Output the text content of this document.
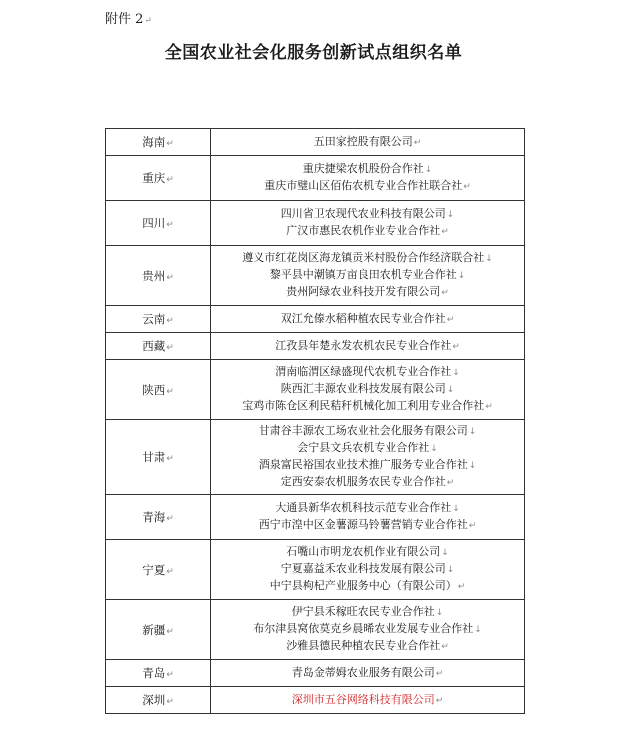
附件 2↵
全国农业社会化服务创新试点组织名单
海南↵	五田家控股有限公司↵

重庆↵	重庆捷梁农机股份合作社↓
重庆市璧山区佰佑农机专业合作社联合社↵

四川↵	四川省卫农现代农业科技有限公司↓
广汉市惠民农机作业专业合作社↵

贵州↵	遵义市红花岗区海龙镇贡米村股份合作经济联合社↓
黎平县中潮镇万亩良田农机专业合作社↓
贵州阿绿农业科技开发有限公司↵

云南↵	双江允傣水稻种植农民专业合作社↵

西藏↵	江孜县年楚永发农机农民专业合作社↵

陕西↵	渭南临渭区绿盛现代农机专业合作社↓
陕西汇丰源农业科技发展有限公司↓
宝鸡市陈仓区利民秸秆机械化加工利用专业合作社↵

甘肃↵	甘肃谷丰源农工场农业社会化服务有限公司↓
会宁县文兵农机专业合作社↓
酒泉富民裕国农业技术推广服务专业合作社↓
定西安泰农机服务农民专业合作社↵

青海↵	大通县新华农机科技示范专业合作社↓
西宁市湟中区金薯源马铃薯营销专业合作社↵

宁夏↵	石嘴山市明龙农机作业有限公司↓
宁夏嘉益禾农业科技发展有限公司↓
中宁县枸杞产业服务中心（有限公司）↵

新疆↵	伊宁县禾稼旺农民专业合作社↓
布尔津县窝依莫克乡晨晞农业发展专业合作社↓
沙雅县德民种植农民专业合作社↵

青岛↵	青岛金蒂姆农业服务有限公司↵

深圳↵	深圳市五谷网络科技有限公司↵
